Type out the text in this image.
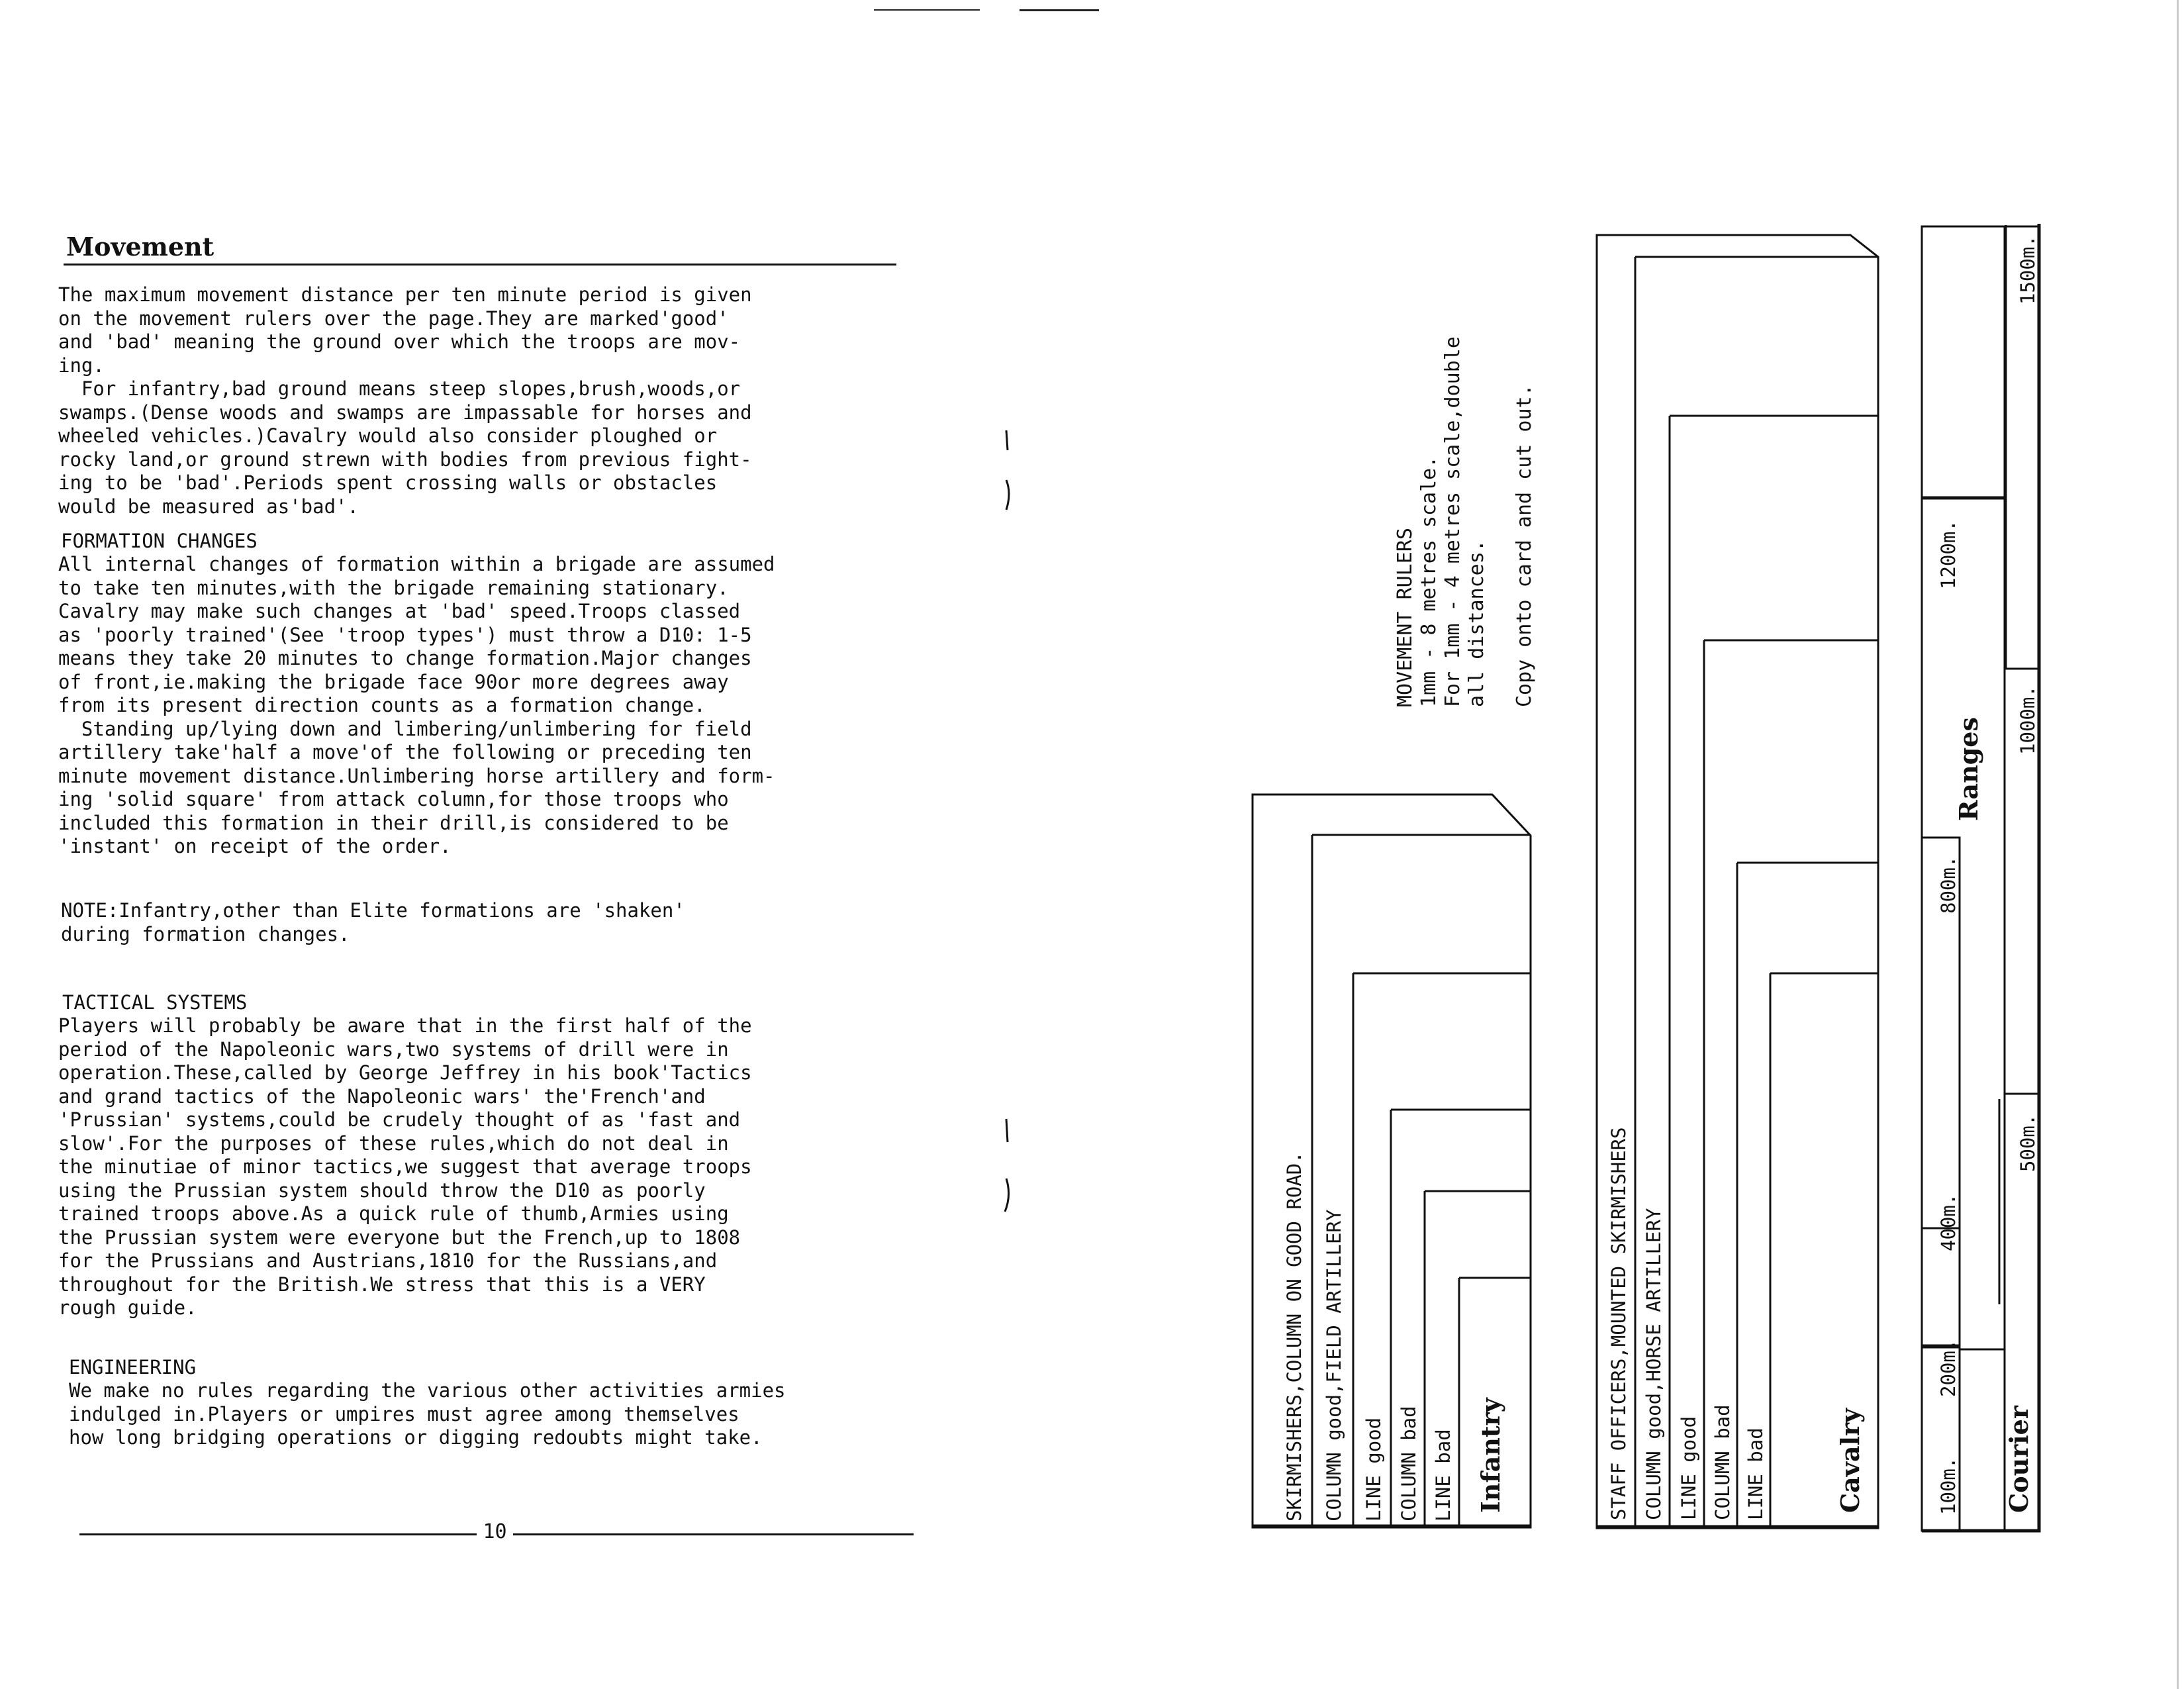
Movement
The maximum movement distance per ten minute period is given
on the movement rulers over the page.They are marked'good'
and 'bad' meaning the ground over which the troops are mov-
ing.
For infantry,bad ground means steep slopes,brush,woods,or
swamps.(Dense woods and swamps are impassable for horses and
wheeled vehicles.)Cavalry would also consider ploughed or
rocky land,or ground strewn with bodies from previous fight-
ing to be 'bad'.Periods spent crossing walls or obstacles
would be measured as'bad'.
FORMATION CHANGES
All internal changes of formation within a brigade are assumed
to take ten minutes,with the brigade remaining stationary.
Cavalry may make such changes at 'bad' speed.Troops classed
as 'poorly trained'(See 'troop types') must throw a D10: 1-5
means they take 20 minutes to change formation.Major changes
of front,ie.making the brigade face 90or more degrees away
from its present direction counts as a formation change.
Standing up/lying down and limbering/unlimbering for field
artillery take'half a move'of the following or preceding ten
minute movement distance.Unlimbering horse artillery and form-
ing 'solid square' from attack column,for those troops who
included this formation in their drill,is considered to be
'instant' on receipt of the order.
NOTE:Infantry,other than Elite formations are 'shaken'
during formation changes.
TACTICAL SYSTEMS
Players will probably be aware that in the first half of the
period of the Napoleonic wars,two systems of drill were in
operation.These,called by George Jeffrey in his book'Tactics
and grand tactics of the Napoleonic wars' the'French'and
'Prussian' systems,could be crudely thought of as 'fast and
slow'.For the purposes of these rules,which do not deal in
the minutiae of minor tactics,we suggest that average troops
using the Prussian system should throw the D10 as poorly
trained troops above.As a quick rule of thumb,Armies using
the Prussian system were everyone but the French,up to 1808
for the Prussians and Austrians,1810 for the Russians,and
throughout for the British.We stress that this is a VERY
rough guide.
ENGINEERING
We make no rules regarding the various other activities armies
indulged in.Players or umpires must agree among themselves
how long bridging operations or digging redoubts might take.
10
MOVEMENT RULERS
1mm - 8 metres scale.
For 1mm - 4 metres scale,double
all distances. Copy onto card and cut out.
SKIRMISHERS,COLUMN ON GOOD ROAD. COLUMN good,FIELD ARTILLERY LINE good COLUMN bad LINE bad Infantry	STAFF OFFICERS,MOUNTED SKIRMISHERS COLUMN good,HORSE ARTILLERY LINE good COLUMN bad LINE bad	Cavalry	100m.
200m.
400m.
800m.
1200m.
Ranges
500m.
1000m.
1500m.
Courier
